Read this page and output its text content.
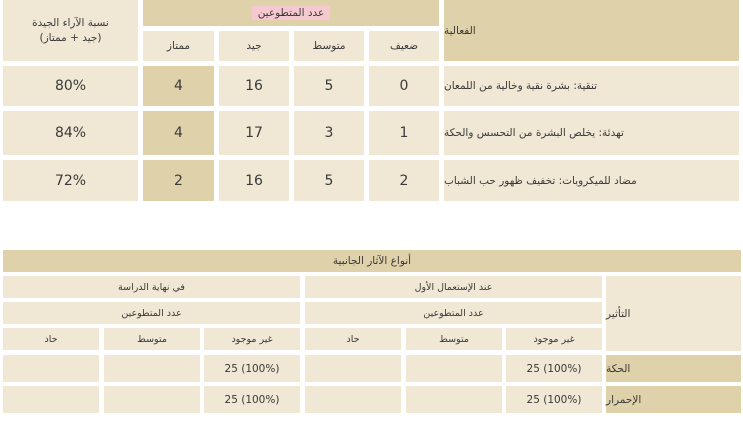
الفعالية
عدد المتطوعين
نسبة الآراء الجيدة
(جيد + ممتاز)
ضعيف
متوسط
جيد
ممتاز
تنقية: بشرة نقية وخالية من اللمعان
0
5
16
4
80%
تهدئة: يخلص البشرة من التحسس والحكة
1
3
17
4
84%
مضاد للميكروبات: تخفيف ظهور حب الشباب
2
5
16
2
72%
أنواع الآثار الجانبية
التأثير
عند الإستعمال الأول
في نهاية الدراسة
عدد المتطوعين
عدد المتطوعين
غير موجود
متوسط
حاد
غير موجود
متوسط
حاد
الحكة
25 (100%)
25 (100%)
الإحمرار
25 (100%)
25 (100%)
